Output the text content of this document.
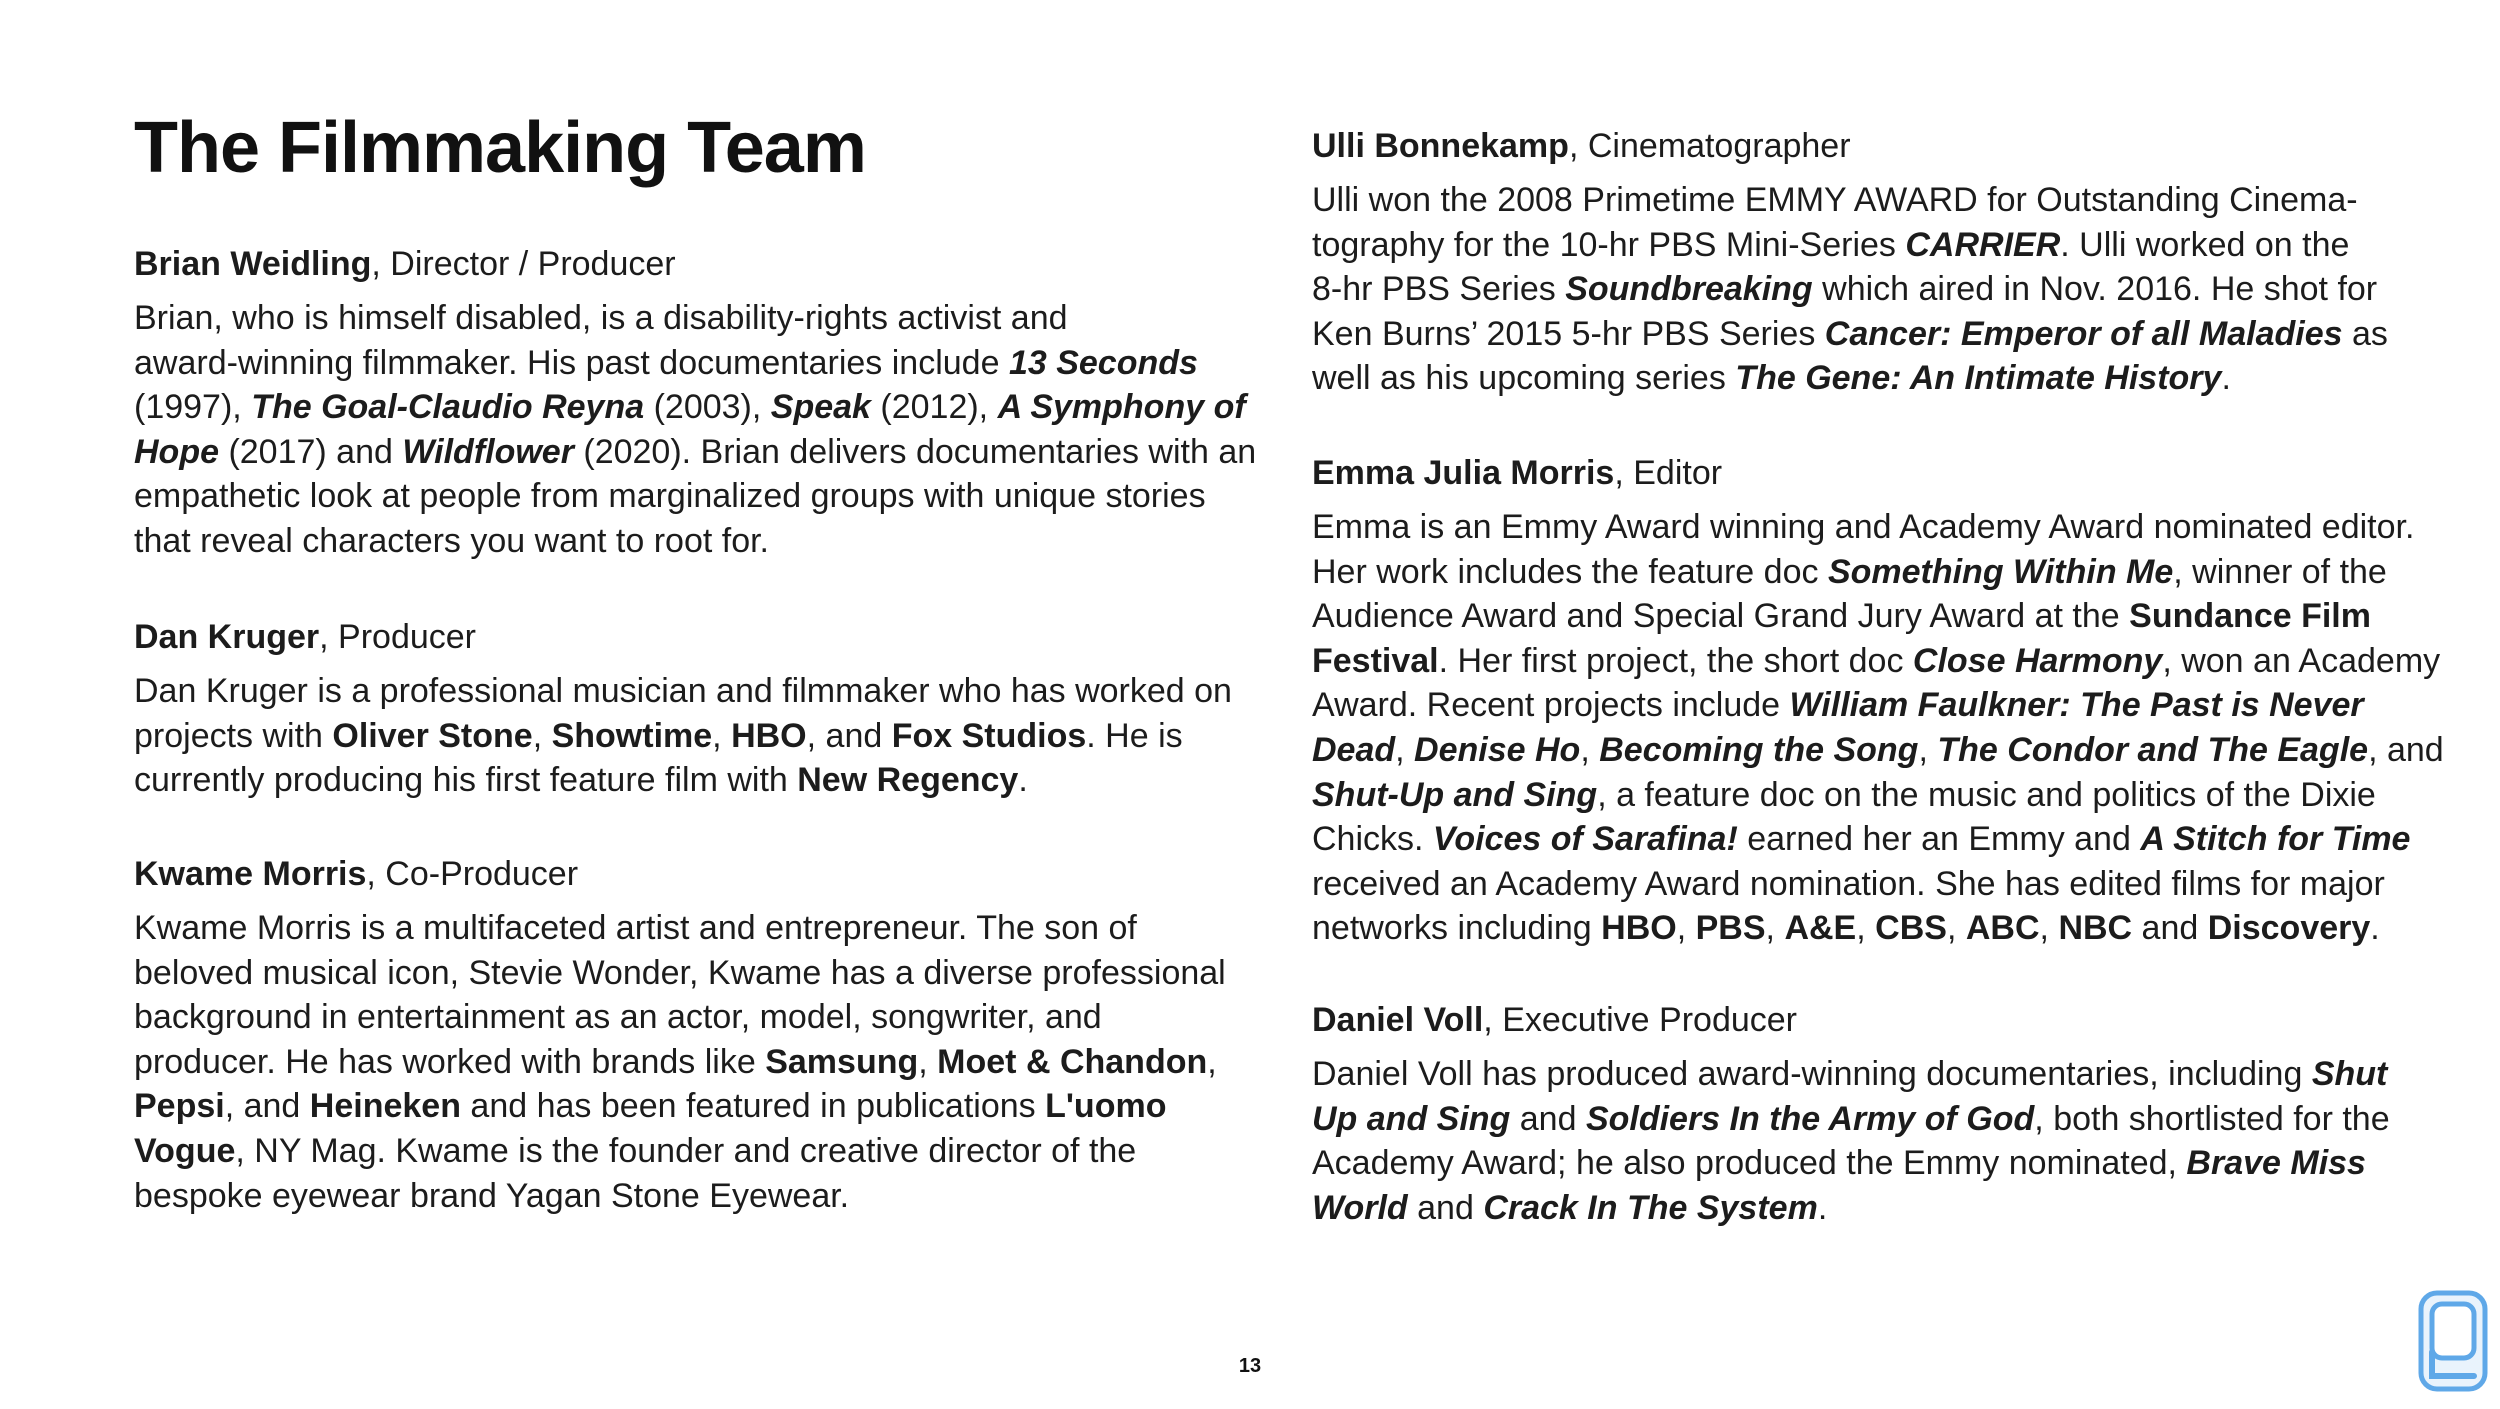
The Filmmaking Team

Brian Weidling, Director / Producer

Brian, who is himself disabled, is a disability-rights activist and
award-winning filmmaker. His past documentaries include 13 Seconds
(1997), The Goal-Claudio Reyna (2003), Speak (2012), A Symphony of
Hope (2017) and Wildflower (2020). Brian delivers documentaries with an
empathetic look at people from marginalized groups with unique stories
that reveal characters you want to root for.

Dan Kruger, Producer

Dan Kruger is a professional musician and filmmaker who has worked on
projects with Oliver Stone, Showtime, HBO, and Fox Studios. He is
currently producing his first feature film with New Regency.

Kwame Morris, Co-Producer

Kwame Morris is a multifaceted artist and entrepreneur. The son of
beloved musical icon, Stevie Wonder, Kwame has a diverse professional
background in entertainment as an actor, model, songwriter, and
producer. He has worked with brands like Samsung, Moet & Chandon,
Pepsi, and Heineken and has been featured in publications L'uomo
Vogue, NY Mag. Kwame is the founder and creative director of the
bespoke eyewear brand Yagan Stone Eyewear.

Ulli Bonnekamp, Cinematographer

Ulli won the 2008 Primetime EMMY AWARD for Outstanding Cinema-
tography for the 10-hr PBS Mini-Series CARRIER. Ulli worked on the
8-hr PBS Series Soundbreaking which aired in Nov. 2016. He shot for
Ken Burns’ 2015 5-hr PBS Series Cancer: Emperor of all Maladies as
well as his upcoming series The Gene: An Intimate History.

Emma Julia Morris, Editor

Emma is an Emmy Award winning and Academy Award nominated editor.
Her work includes the feature doc Something Within Me, winner of the
Audience Award and Special Grand Jury Award at the Sundance Film
Festival. Her first project, the short doc Close Harmony, won an Academy
Award. Recent projects include William Faulkner: The Past is Never
Dead, Denise Ho, Becoming the Song, The Condor and The Eagle, and
Shut-Up and Sing, a feature doc on the music and politics of the Dixie
Chicks. Voices of Sarafina! earned her an Emmy and A Stitch for Time
received an Academy Award nomination. She has edited films for major
networks including HBO, PBS, A&E, CBS, ABC, NBC and Discovery.

Daniel Voll, Executive Producer

Daniel Voll has produced award-winning documentaries, including Shut
Up and Sing and Soldiers In the Army of God, both shortlisted for the
Academy Award; he also produced the Emmy nominated, Brave Miss
World and Crack In The System.
13
